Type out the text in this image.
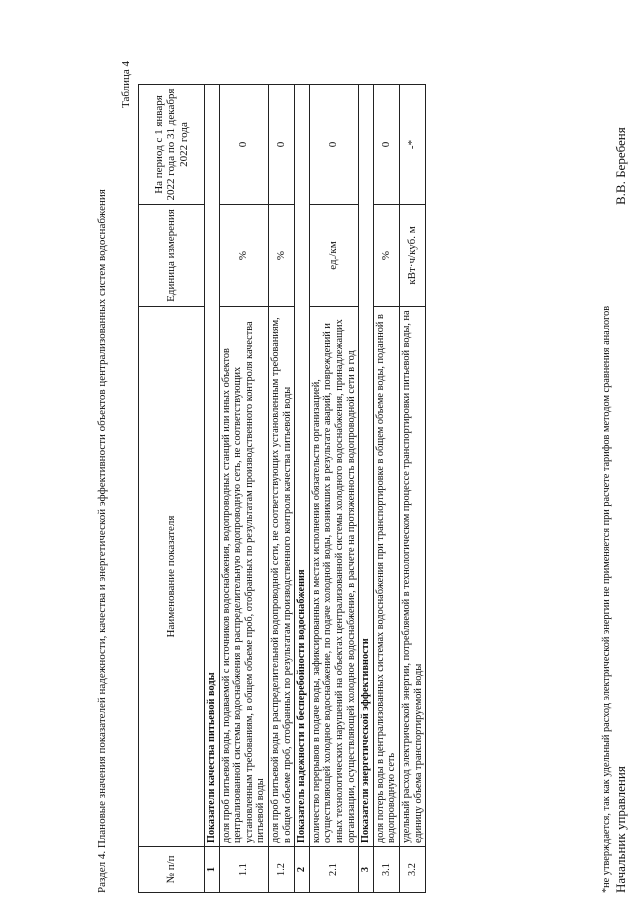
Раздел 4. Плановые значения показателей надежности, качества и энергетической эффективности объектов централизованных систем водоснабжения
Таблица 4
№ п/п	Наименование показателя	Единица измерения	На период с 1 января 2022 года по 31 декабря 2022 года
1	Показатели качества питьевой воды		
1.1	доля проб питьевой воды, подаваемой с источников водоснабжения, водопроводных станций или иных объектов централизованной системы водоснабжения в распределительную водопроводную сеть, не соответствующих установленным требованиям, в общем объеме проб, отобранных по результатам производственного контроля качества питьевой воды	%	0
1.2	доля проб питьевой воды в распределительной водопроводной сети, не соответствующих установленным требованиям, в общем объеме проб, отобранных по результатам производственного контроля качества питьевой воды	%	0
2	Показатель надежности и бесперебойности водоснабжения		
2.1	количество перерывов в подаче воды, зафиксированных в местах исполнения обязательств организацией, осуществляющей холодное водоснабжение, по подаче холодной воды, возникших в результате аварий, повреждений и иных технологических нарушений на объектах централизованной системы холодного водоснабжения, принадлежащих организации, осуществляющей холодное водоснабжение, в расчете на протяженность водопроводной сети в год	ед./км	0
3	Показатели энергетической эффективности		
3.1	доля потерь воды в централизованных системах водоснабжения при транспортировке в общем объеме воды, поданной в водопроводную сеть	%	0
3.2	удельный расход электрической энергии, потребляемой в технологическом процессе транспортировки питьевой воды, на единицу объема транспортируемой воды	кВт·ч/куб. м	-*
*не утверждается, так как удельный расход электрической энергии не применяется при расчете тарифов методом сравнения аналогов Начальник управления
В.В. Беребеня
